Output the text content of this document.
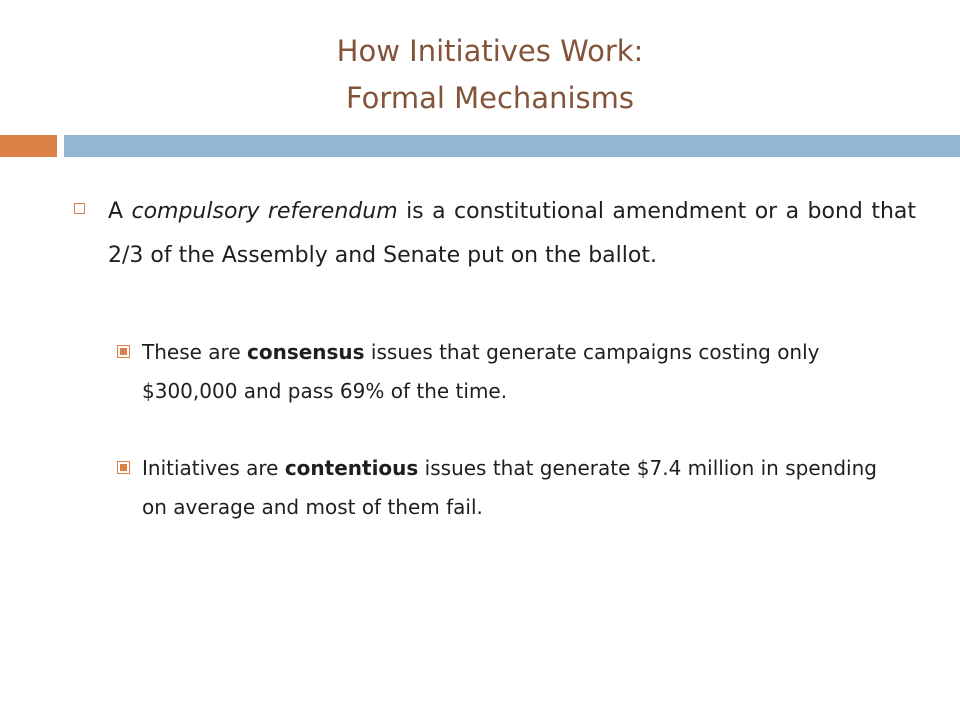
How Initiatives Work:
Formal Mechanisms
A compulsory referendum is a constitutional amendment or a bond that 2/3 of the Assembly and Senate put on the ballot.
These are consensus issues that generate campaigns costing only $300,000 and pass 69% of the time.
Initiatives are contentious issues that generate $7.4 million in spending on average and most of them fail.
